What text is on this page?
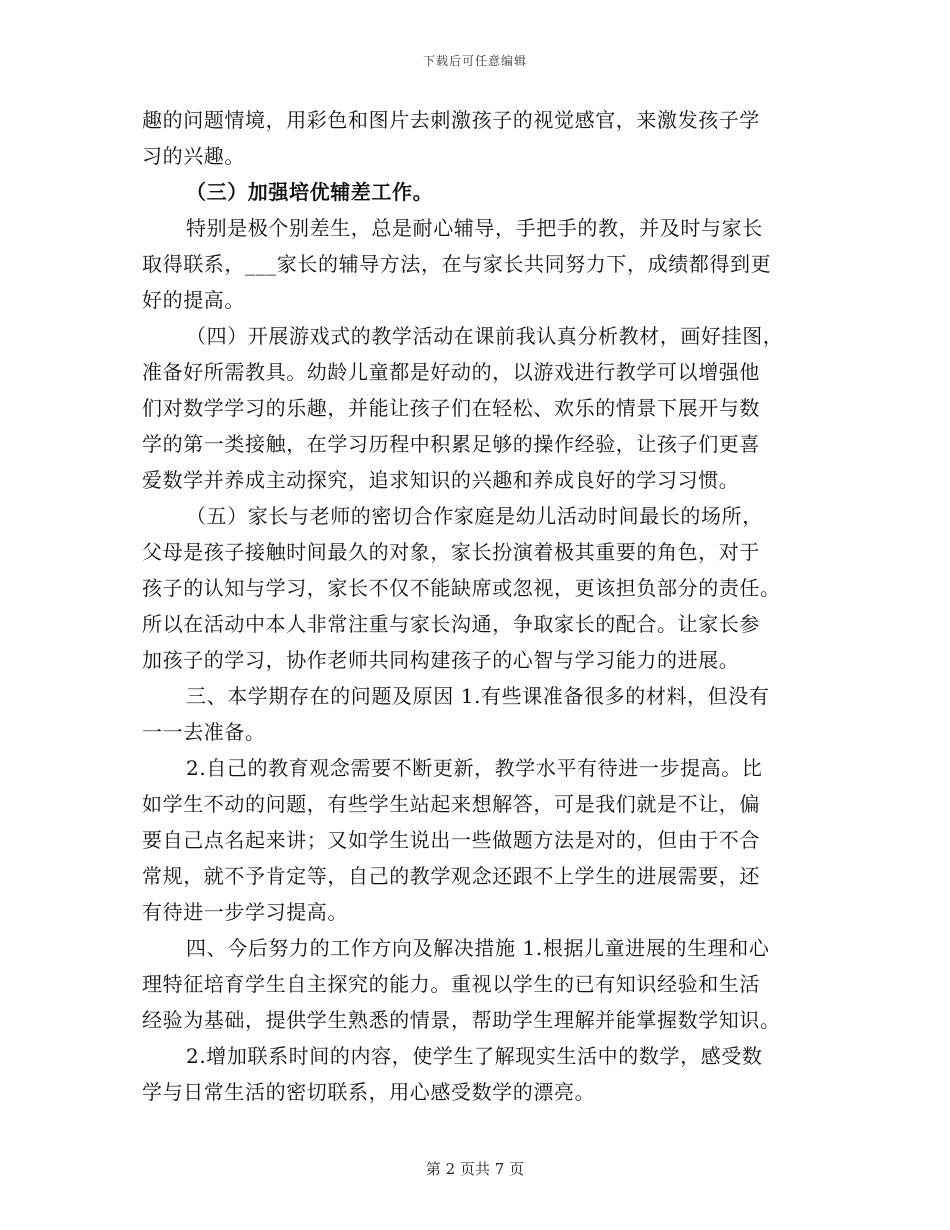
下载后可任意编辑
趣的问题情境，用彩色和图片去刺激孩子的视觉感官，来激发孩子学
习的兴趣。
（三）加强培优辅差工作。
特别是极个别差生，总是耐心辅导，手把手的教，并及时与家长
取得联系，___家长的辅导方法，在与家长共同努力下，成绩都得到更
好的提高。
（四）开展游戏式的教学活动在课前我认真分析教材，画好挂图，
准备好所需教具。幼龄儿童都是好动的，以游戏进行教学可以增强他
们对数学学习的乐趣，并能让孩子们在轻松、欢乐的情景下展开与数
学的第一类接触，在学习历程中积累足够的操作经验，让孩子们更喜
爱数学并养成主动探究，追求知识的兴趣和养成良好的学习习惯。
（五）家长与老师的密切合作家庭是幼儿活动时间最长的场所，
父母是孩子接触时间最久的对象，家长扮演着极其重要的角色，对于
孩子的认知与学习，家长不仅不能缺席或忽视，更该担负部分的责任。
所以在活动中本人非常注重与家长沟通，争取家长的配合。让家长参
加孩子的学习，协作老师共同构建孩子的心智与学习能力的进展。
三、本学期存在的问题及原因 1.有些课准备很多的材料，但没有
一一去准备。
2.自己的教育观念需要不断更新，教学水平有待进一步提高。比
如学生不动的问题，有些学生站起来想解答，可是我们就是不让，偏
要自己点名起来讲；又如学生说出一些做题方法是对的，但由于不合
常规，就不予肯定等，自己的教学观念还跟不上学生的进展需要，还
有待进一步学习提高。
四、今后努力的工作方向及解决措施 1.根据儿童进展的生理和心
理特征培育学生自主探究的能力。重视以学生的已有知识经验和生活
经验为基础，提供学生熟悉的情景，帮助学生理解并能掌握数学知识。
2.增加联系时间的内容，使学生了解现实生活中的数学，感受数
学与日常生活的密切联系，用心感受数学的漂亮。
第 2 页共 7 页
